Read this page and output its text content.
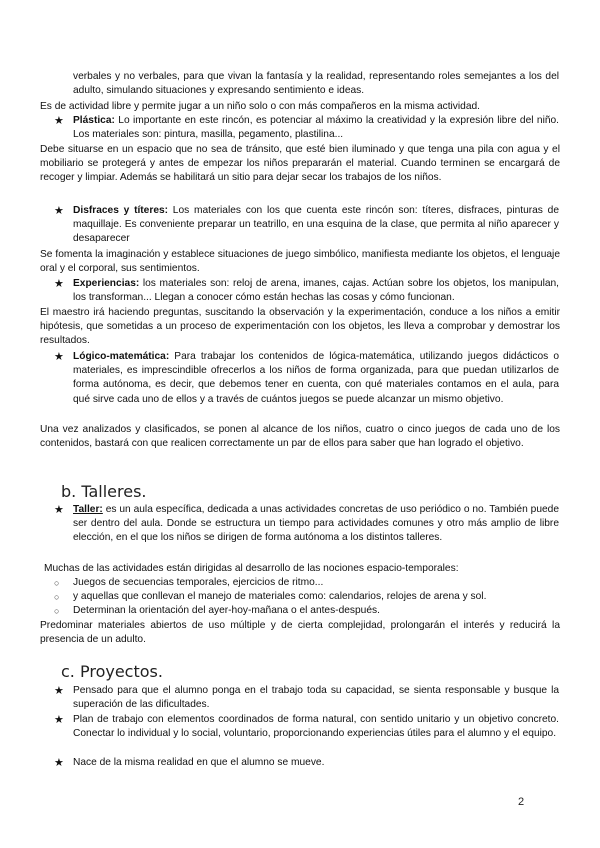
verbales y no verbales, para que vivan la fantasía y la realidad, representando roles semejantes a los del adulto, simulando situaciones y expresando sentimiento e ideas.
Es de actividad libre y permite jugar a un niño solo o con más compañeros en la misma actividad.
★ Plástica: Lo importante en este rincón, es potenciar al máximo la creatividad y la expresión libre del niño. Los materiales son: pintura, masilla, pegamento, plastilina...
Debe situarse en un espacio que no sea de tránsito, que esté bien iluminado y que tenga una pila con agua y el mobiliario se protegerá y antes de empezar los niños prepararán el material. Cuando terminen se encargará de recoger y limpiar. Además se habilitará un sitio para dejar secar los trabajos de los niños.
★ Disfraces y títeres: Los materiales con los que cuenta este rincón son: títeres, disfraces, pinturas de maquillaje. Es conveniente preparar un teatrillo, en una esquina de la clase, que permita al niño aparecer y desaparecer
Se fomenta la imaginación y establece situaciones de juego simbólico, manifiesta mediante los objetos, el lenguaje oral y el corporal, sus sentimientos.
★ Experiencias: los materiales son: reloj de arena, imanes, cajas. Actúan sobre los objetos, los manipulan, los transforman... Llegan a conocer cómo están hechas las cosas y cómo funcionan.
El maestro irá haciendo preguntas, suscitando la observación y la experimentación, conduce a los niños a emitir hipótesis, que sometidas a un proceso de experimentación con los objetos, les lleva a comprobar y demostrar los resultados.
★ Lógico-matemática: Para trabajar los contenidos de lógica-matemática, utilizando juegos didácticos o materiales, es imprescindible ofrecerlos a los niños de forma organizada, para que puedan utilizarlos de forma autónoma, es decir, que debemos tener en cuenta, con qué materiales contamos en el aula, para qué sirve cada uno de ellos y a través de cuántos juegos se puede alcanzar un mismo objetivo.
Una vez analizados y clasificados, se ponen al alcance de los niños, cuatro o cinco juegos de cada uno de los contenidos, bastará con que realicen correctamente un par de ellos para saber que han logrado el objetivo.
b. Talleres.
★ Taller: es un aula específica, dedicada a unas actividades concretas de uso periódico o no. También puede ser dentro del aula. Donde se estructura un tiempo para actividades comunes y otro más amplio de libre elección, en el que los niños se dirigen de forma autónoma a los distintos talleres.
Muchas de las actividades están dirigidas al desarrollo de las nociones espacio-temporales:
○ Juegos de secuencias temporales, ejercicios de ritmo...
○ y aquellas que conllevan el manejo de materiales como: calendarios, relojes de arena y sol.
○ Determinan la orientación del ayer-hoy-mañana o el antes-después.
Predominar materiales abiertos de uso múltiple y de cierta complejidad, prolongarán el interés y reducirá la presencia de un adulto.
c. Proyectos.
★ Pensado para que el alumno ponga en el trabajo toda su capacidad, se sienta responsable y busque la superación de las dificultades.
★ Plan de trabajo con elementos coordinados de forma natural, con sentido unitario y un objetivo concreto. Conectar lo individual y lo social, voluntario, proporcionando experiencias útiles para el alumno y el equipo.
★ Nace de la misma realidad en que el alumno se mueve.
2
